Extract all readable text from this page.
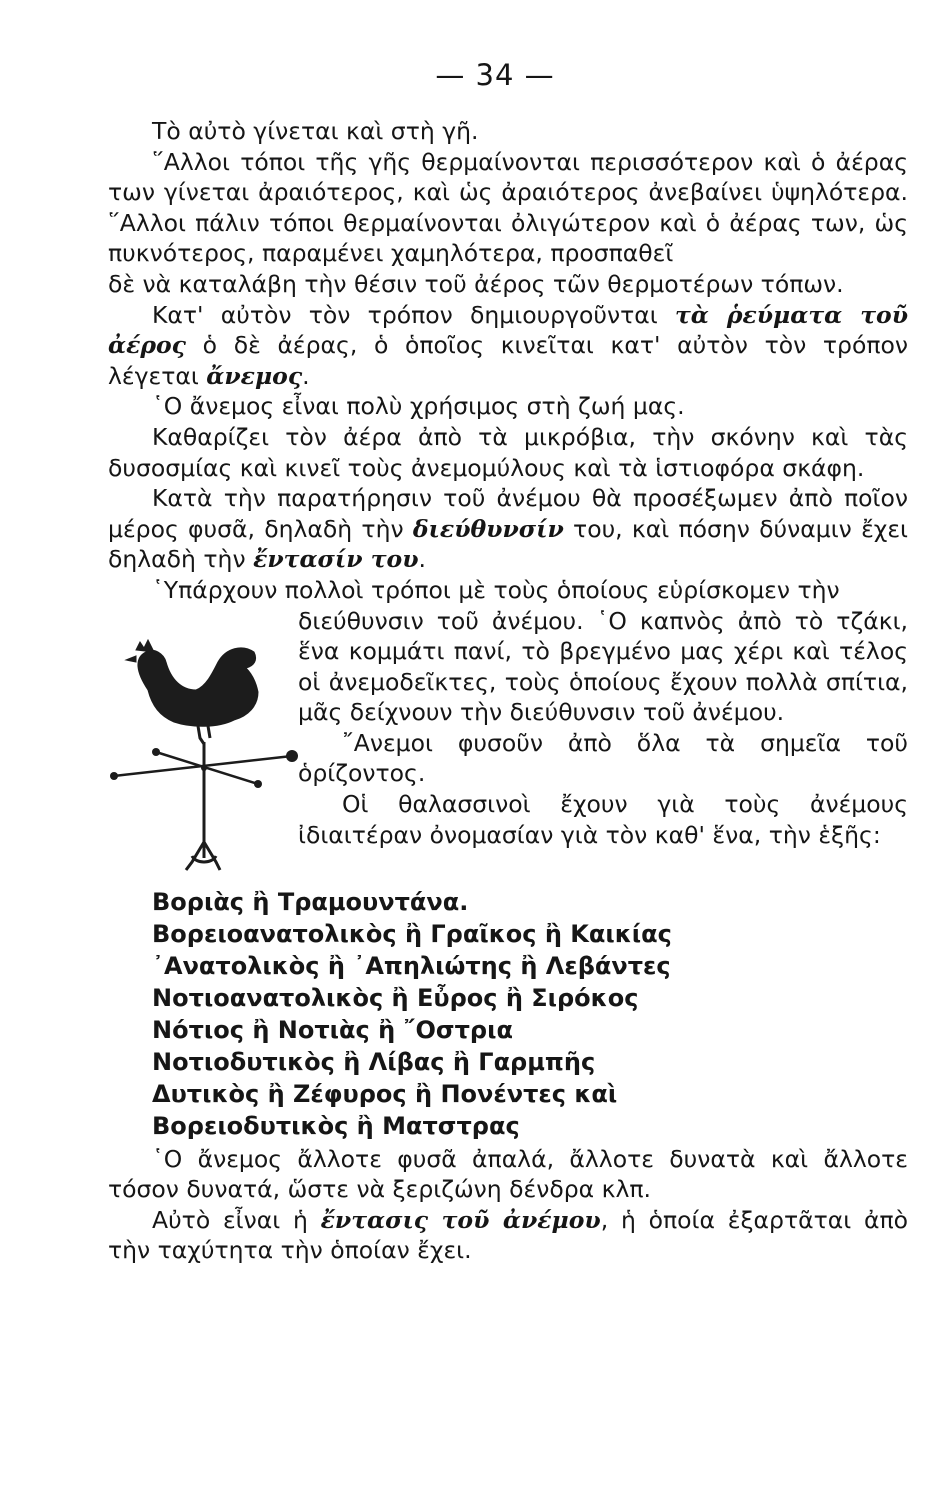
— 34 —

Τὸ αὐτὸ γίνεται καὶ στὴ γῆ.

῞Αλλοι τόποι τῆς γῆς θερμαίνονται περισσότερον καὶ ὁ ἀέρας των γίνεται ἀραιότερος, καὶ ὡς ἀραιότερος ἀνεβαίνει ὑψηλότερα. ῞Αλλοι πάλιν τόποι θερμαίνονται ὀλιγώτερον καὶ ὁ ἀέρας των, ὡς πυκνότερος, παραμένει χαμηλότερα, προσπαθεῖ

δὲ νὰ καταλάβη τὴν θέσιν τοῦ ἀέρος τῶν θερμοτέρων τόπων.

Κατ' αὐτὸν τὸν τρόπον δημιουργοῦνται τὰ ῥεύματα τοῦ ἀέρος ὁ δὲ ἀέρας, ὁ ὁποῖος κινεῖται κατ' αὐτὸν τὸν τρόπον λέγεται ἄνεμος.

῾Ο ἄνεμος εἶναι πολὺ χρήσιμος στὴ ζωή μας.

Καθαρίζει τὸν ἀέρα ἀπὸ τὰ μικρόβια, τὴν σκόνην καὶ τὰς δυσοσμίας καὶ κινεῖ τοὺς ἀνεμομύλους καὶ τὰ ἱστιοφόρα σκάφη.

Κατὰ τὴν παρατήρησιν τοῦ ἀνέμου θὰ προσέξωμεν ἀπὸ ποῖον μέρος φυσᾶ, δηλαδὴ τὴν διεύθυνσίν του, καὶ πόσην δύναμιν ἔχει δηλαδὴ τὴν ἔντασίν του.

῾Υπάρχουν πολλοὶ τρόποι μὲ τοὺς ὁποίους εὑρίσκομεν τὴν

διεύθυνσιν τοῦ ἀνέμου. ῾Ο καπνὸς ἀπὸ τὸ τζάκι, ἕνα κομμάτι πανί, τὸ βρεγμένο μας χέρι καὶ τέλος οἱ ἀνεμοδεῖκτες, τοὺς ὁποίους ἔχουν πολλὰ σπίτια, μᾶς δείχνουν τὴν διεύθυνσιν τοῦ ἀνέμου.

῎Ανεμοι φυσοῦν ἀπὸ ὅλα τὰ σημεῖα τοῦ ὁρίζοντος.

Οἱ θαλασσινοὶ ἔχουν γιὰ τοὺς ἀνέμους ἰδιαιτέραν ὀνομασίαν γιὰ τὸν καθ' ἕνα, τὴν ἑξῆς:

Βοριὰς ἢ Τραμουντάνα.
Βορειοανατολικὸς ἢ Γραῖκος ἢ Καικίας
᾽Ανατολικὸς ἢ ᾽Απηλιώτης ἢ Λεβάντες
Νοτιοανατολικὸς ἢ Εὖρος ἢ Σιρόκος
Νότιος ἢ Νοτιὰς ἢ ῎Οστρια
Νοτιοδυτικὸς ἢ Λίβας ἢ Γαρμπῆς
Δυτικὸς ἢ Ζέφυρος ἢ Πονέντες καὶ
Βορειοδυτικὸς ἢ Ματστρας

῾Ο ἄνεμος ἄλλοτε φυσᾶ ἀπαλά, ἄλλοτε δυνατὰ καὶ ἄλλοτε τόσον δυνατά, ὥστε νὰ ξεριζώνη δένδρα κλπ.

Αὐτὸ εἶναι ἡ ἔντασις τοῦ ἀνέμου, ἡ ὁποία ἐξαρτᾶται ἀπὸ τὴν ταχύτητα τὴν ὁποίαν ἔχει.
